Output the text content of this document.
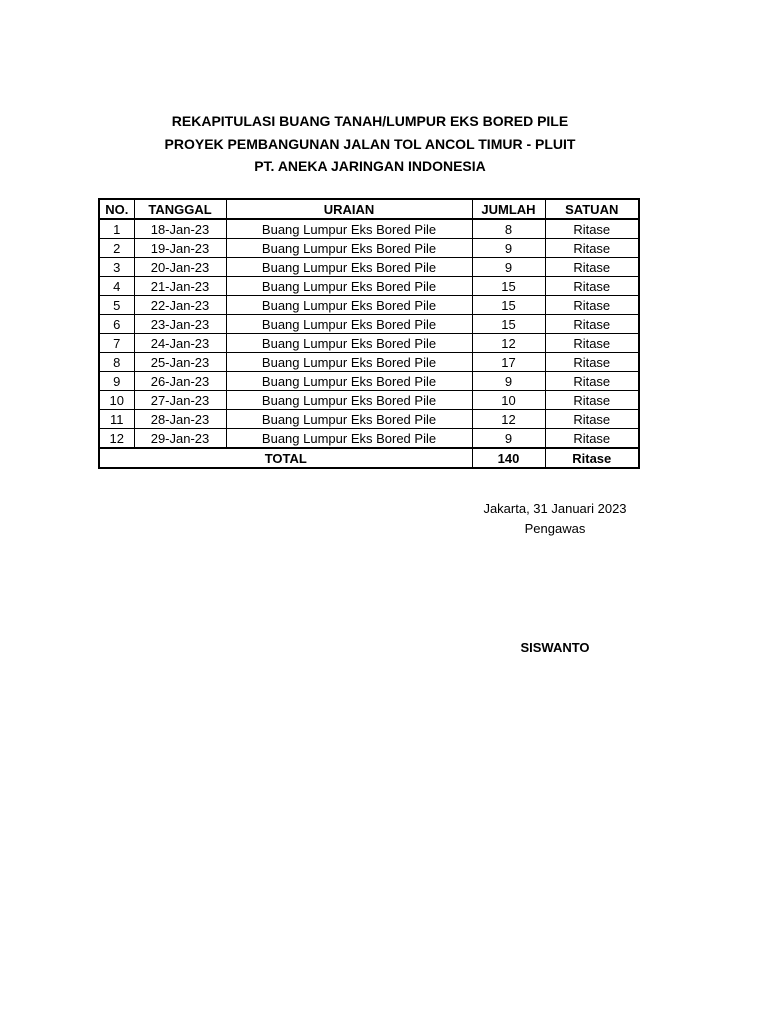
REKAPITULASI BUANG TANAH/LUMPUR EKS BORED PILE
PROYEK PEMBANGUNAN JALAN TOL ANCOL TIMUR - PLUIT
PT. ANEKA JARINGAN INDONESIA
NO.	TANGGAL	URAIAN	JUMLAH	SATUAN
1	18-Jan-23	Buang Lumpur Eks Bored Pile	8	Ritase
2	19-Jan-23	Buang Lumpur Eks Bored Pile	9	Ritase
3	20-Jan-23	Buang Lumpur Eks Bored Pile	9	Ritase
4	21-Jan-23	Buang Lumpur Eks Bored Pile	15	Ritase
5	22-Jan-23	Buang Lumpur Eks Bored Pile	15	Ritase
6	23-Jan-23	Buang Lumpur Eks Bored Pile	15	Ritase
7	24-Jan-23	Buang Lumpur Eks Bored Pile	12	Ritase
8	25-Jan-23	Buang Lumpur Eks Bored Pile	17	Ritase
9	26-Jan-23	Buang Lumpur Eks Bored Pile	9	Ritase
10	27-Jan-23	Buang Lumpur Eks Bored Pile	10	Ritase
11	28-Jan-23	Buang Lumpur Eks Bored Pile	12	Ritase
12	29-Jan-23	Buang Lumpur Eks Bored Pile	9	Ritase
TOTAL			140	Ritase
Jakarta, 31 Januari 2023
Pengawas
SISWANTO
